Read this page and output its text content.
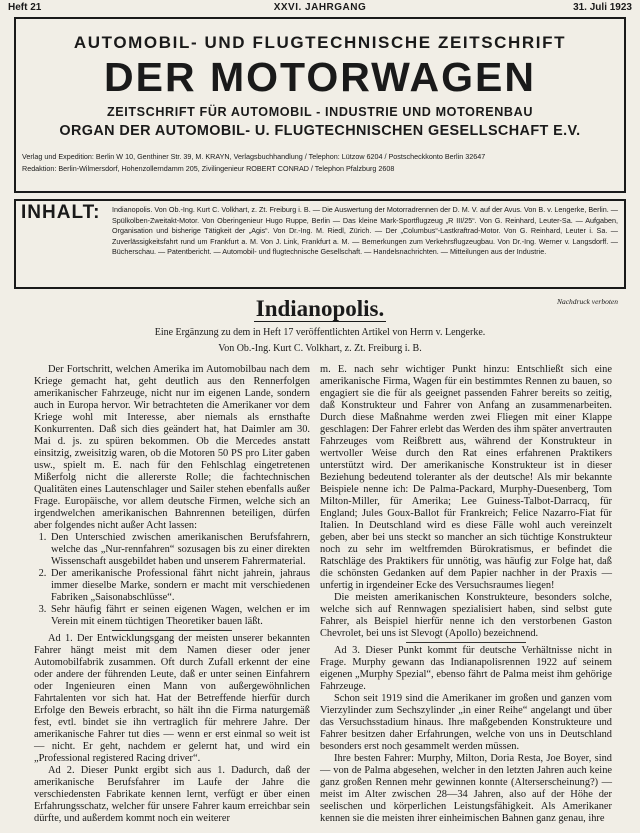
Heft 21	XXVI. JAHRGANG	31. Juli 1923
AUTOMOBIL- UND FLUGTECHNISCHE ZEITSCHRIFT
DER MOTORWAGEN
ZEITSCHRIFT FÜR AUTOMOBIL - INDUSTRIE UND MOTORENBAU
ORGAN DER AUTOMOBIL- U. FLUGTECHNISCHEN GESELLSCHAFT E.V.
Verlag und Expedition: Berlin W 10, Genthiner Str. 39, M. KRAYN, Verlagsbuchhandlung / Telephon: Lützow 6204 / Postscheckkonto Berlin 32647
Redaktion: Berlin-Wilmersdorf, Hohenzollerndamm 205, Zivilingenieur ROBERT CONRAD / Telephon Pfalzburg 2608
INHALT: Indianopolis. Von Ob.-Ing. Kurt C. Volkhart, z. Zt. Freiburg i. B. — Die Auswertung der Motorradrennen der D. M. V. auf der Avus. Von B. v. Lengerke, Berlin. — Spülkolben-Zweitakt-Motor. Von Oberingenieur Hugo Ruppe, Berlin — Das kleine Mark-Sportflugzeug „R III/25“. Von G. Reinhard, Leuter-Sa. — Aufgaben, Organisation und bisherige Tätigkeit der „Agis“. Von Dr.-Ing. M. Riedl, Zürich. — Der „Columbus“-Lastkraftrad-Motor. Von G. Reinhard, Leuter i. Sa. — Zuverlässigkeitsfahrt rund um Frankfurt a. M. Von J. Link, Frankfurt a. M. — Bemerkungen zum Verkehrsflugzeugbau. Von Dr.-Ing. Werner v. Langsdorff. — Bücherschau. — Patentbericht. — Automobil- und flugtechnische Gesellschaft. — Handelsnachrichten. — Mitteilungen aus der Industrie.
Nachdruck verboten
Indianopolis.
Eine Ergänzung zu dem in Heft 17 veröffentlichten Artikel von Herrn v. Lengerke.
Von Ob.-Ing. Kurt C. Volkhart, z. Zt. Freiburg i. B.

Der Fortschritt, welchen Amerika im Automobilbau nach dem Kriege gemacht hat, geht deutlich aus den Rennerfolgen amerikanischer Fahrzeuge, nicht nur im eigenen Lande, sondern auch in Europa hervor. Wir betrachteten die Amerikaner vor dem Kriege wohl mit Interesse, aber niemals als ernsthafte Konkurrenten. Daß sich dies geändert hat, hat Daimler am 30. Mai d. js. zu spüren bekommen. Ob die Mercedes anstatt einsitzig, zweisitzig waren, ob die Motoren 50 PS pro Liter gaben usw., spielt m. E. nach für den Fehlschlag eingetretenen Mißerfolg nicht die allererste Rolle; die fachtechnischen Qualitäten eines Lautenschlager und Sailer stehen ebenfalls außer Frage. Europäische, vor allem deutsche Firmen, welche sich an irgendwelchen amerikanischen Bahnrennen beteiligen, dürfen aber folgendes nicht außer Acht lassen:

1. Den Unterschied zwischen amerikanischen Berufsfahrern, welche das „Nur-rennfahren“ sozusagen bis zu einer direkten Wissenschaft ausgebildet haben und unserem Fahrermaterial.
2. Der amerikanische Professional fährt nicht jahrein, jahraus immer dieselbe Marke, sondern er macht mit verschiedenen Fabriken „Saisonabschlüsse“.
3. Sehr häufig fährt er seinen eigenen Wagen, welchen er im Verein mit einem tüchtigen Theoretiker bauen läßt.

Ad 1. Der Entwicklungsgang der meisten unserer bekannten Fahrer hängt meist mit dem Namen dieser oder jener Automobilfabrik zusammen. Oft durch Zufall erkennt der eine oder andere der führenden Leute, daß er unter seinen Einfahrern oder Ingenieuren einen Mann von außergewöhnlichen Fahrtalenten vor sich hat. Hat der Betreffende hierfür durch Erfolge den Beweis erbracht, so hält ihn die Firma naturgemäß fest, evtl. bindet sie ihn vertraglich für mehrere Jahre. Der amerikanische Fahrer tut dies — wenn er erst einmal so weit ist — nicht. Er geht, nachdem er gelernt hat, und wird ein „Professional registered Racing driver“.

Ad 2. Dieser Punkt ergibt sich aus 1. Dadurch, daß der amerikanische Berufsfahrer im Laufe der Jahre die verschiedensten Fabrikate kennen lernt, verfügt er über einen Erfahrungsschatz, welcher für unsere Fahrer kaum erreichbar sein dürfte, und außerdem kommt noch ein weiterer

m. E. nach sehr wichtiger Punkt hinzu: Entschließt sich eine amerikanische Firma, Wagen für ein bestimmtes Rennen zu bauen, so engagiert sie die für als geeignet passenden Fahrer bereits so zeitig, daß Konstrukteur und Fahrer von Anfang an zusammenarbeiten. Durch diese Maßnahme werden zwei Fliegen mit einer Klappe geschlagen: Der Fahrer erlebt das Werden des ihm später anvertrauten Fahrzeuges vom Reißbrett aus, während der Konstrukteur in wertvoller Weise durch den Rat eines erfahrenen Praktikers unterstützt wird. Der amerikanische Konstrukteur ist in dieser Beziehung bedeutend toleranter als der deutsche! Als mir bekannte Beispiele nenne ich: De Palma-Packard, Murphy-Duesenberg, Tom Milton-Miller, für Amerika; Lee Guiness-Talbot-Darracq, für England; Jules Goux-Ballot für Frankreich; Felice Nazarro-Fiat für Italien. In Deutschland wird es diese Fälle wohl auch vereinzelt geben, aber bei uns steckt so mancher an sich tüchtige Konstrukteur noch zu sehr im weltfremden Bürokratismus, er befindet die Ratschläge des Praktikers für unnötig, was häufig zur Folge hat, daß die schönsten Gedanken auf dem Papier nachher in der Praxis — unfertig in irgendeiner Ecke des Versuchsraumes liegen!

Die meisten amerikanischen Konstrukteure, besonders solche, welche sich auf Rennwagen spezialisiert haben, sind selbst gute Fahrer, als Beispiel hierfür nenne ich den verstorbenen Gaston Chevrolet, bei uns ist Slevogt (Apollo) bezeichnend.

Ad 3. Dieser Punkt kommt für deutsche Verhältnisse nicht in Frage. Murphy gewann das Indianapolisrennen 1922 auf seinem eigenen „Murphy Spezial“, ebenso fährt de Palma meist ihm gehörige Fahrzeuge.

Schon seit 1919 sind die Amerikaner im großen und ganzen vom Vierzylinder zum Sechszylinder „in einer Reihe“ angelangt und über das Versuchsstadium hinaus. Ihre maßgebenden Konstrukteure und Fahrer besitzen daher Erfahrungen, welche von uns in Deutschland besonders erst noch gesammelt werden müssen.

Ihre besten Fahrer: Murphy, Milton, Doria Resta, Joe Boyer, sind — von de Palma abgesehen, welcher in den letzten Jahren auch keine ganz großen Rennen mehr gewinnen konnte (Alterserscheinung?) — meist im Alter zwischen 28—34 Jahren, also auf der Höhe der seelischen und körperlichen Leistungsfähigkeit. Als Amerikaner kennen sie die meisten ihrer einheimischen Bahnen ganz genau, ihre
